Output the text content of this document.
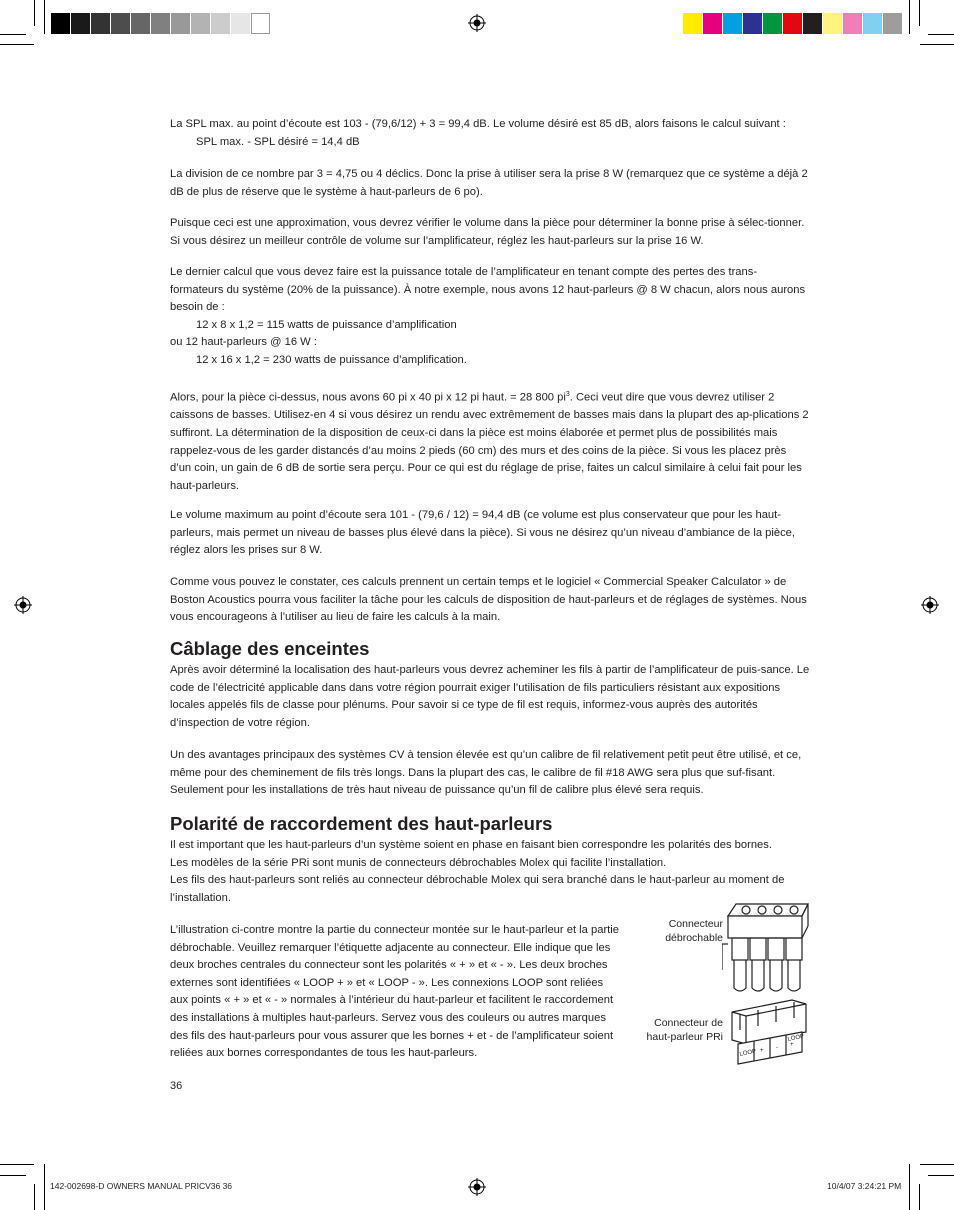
La SPL max. au point d’écoute est 103 - (79,6/12) + 3 = 99,4 dB. Le volume désiré est 85 dB, alors faisons le calcul suivant :
SPL max. - SPL désiré = 14,4 dB

La division de ce nombre par 3 = 4,75 ou 4 déclics. Donc la prise à utiliser sera la prise 8 W (remarquez que ce système a déjà 2 dB de plus de réserve que le système à haut-parleurs de 6 po).

Puisque ceci est une approximation, vous devrez vérifier le volume dans la pièce pour déterminer la bonne prise à sélec-tionner. Si vous désirez un meilleur contrôle de volume sur l’amplificateur, réglez les haut-parleurs sur la prise 16 W.

Le dernier calcul que vous devez faire est la puissance totale de l’amplificateur en tenant compte des pertes des trans-formateurs du système (20% de la puissance). À notre exemple, nous avons 12 haut-parleurs @ 8 W chacun, alors nous aurons besoin de :
12 x 8 x 1,2 = 115 watts de puissance d’amplification
ou 12 haut-parleurs @ 16 W :
12 x 16 x 1,2 = 230 watts de puissance d’amplification.

Alors, pour la pièce ci-dessus, nous avons 60 pi x 40 pi x 12 pi haut. = 28 800 $pi^3$. Ceci veut dire que vous devrez utiliser 2 caissons de basses. Utilisez-en 4 si vous désirez un rendu avec extrêmement de basses mais dans la plupart des ap-plications 2 suffiront. La détermination de la disposition de ceux-ci dans la pièce est moins élaborée et permet plus de possibilités mais rappelez-vous de les garder distancés d’au moins 2 pieds (60 cm) des murs et des coins de la pièce. Si vous les placez près d’un coin, un gain de 6 dB de sortie sera perçu. Pour ce qui est du réglage de prise, faites un calcul similaire à celui fait pour les haut-parleurs.

Le volume maximum au point d’écoute sera 101 - (79,6 / 12) = 94,4 dB (ce volume est plus conservateur que pour les haut-parleurs, mais permet un niveau de basses plus élevé dans la pièce). Si vous ne désirez qu’un niveau d’ambiance de la pièce, réglez alors les prises sur 8 W.

Comme vous pouvez le constater, ces calculs prennent un certain temps et le logiciel « Commercial Speaker Calculator » de Boston Acoustics pourra vous faciliter la tâche pour les calculs de disposition de haut-parleurs et de réglages de systèmes. Nous vous encourageons à l’utiliser au lieu de faire les calculs à la main.

Câblage des enceintes

Après avoir déterminé la localisation des haut-parleurs vous devrez acheminer les fils à partir de l’amplificateur de puis-sance. Le code de l’électricité applicable dans dans votre région pourrait exiger l’utilisation de fils particuliers résistant aux expositions locales appelés fils de classe pour plénums. Pour savoir si ce type de fil est requis, informez-vous auprès des autorités d’inspection de votre région.

Un des avantages principaux des systèmes CV à tension élevée est qu’un calibre de fil relativement petit peut être utilisé, et ce, même pour des cheminement de fils très longs. Dans la plupart des cas, le calibre de fil #18 AWG sera plus que suf-fisant. Seulement pour les installations de très haut niveau de puissance qu’un fil de calibre plus élevé sera requis.

Polarité de raccordement des haut-parleurs

Il est important que les haut-parleurs d’un système soient en phase en faisant bien correspondre les polarités des bornes.
Les modèles de la série PRi sont munis de connecteurs débrochables Molex qui facilite l’installation.
Les fils des haut-parleurs sont reliés au connecteur débrochable Molex qui sera branché dans le haut-parleur au moment de l’installation.

L’illustration ci-contre montre la partie du connecteur montée sur le haut-parleur et la partie débrochable. Veuillez remarquer l’étiquette adjacente au connecteur. Elle indique que les deux broches centrales du connecteur sont les polarités « + » et « - ». Les deux broches externes sont identifiées « LOOP + » et « LOOP - ». Les connexions LOOP sont reliées aux points « + » et « - » normales à l’intérieur du haut-parleur et facilitent le raccordement des installations à multiples haut-parleurs. Servez vous des couleurs ou autres marques des fils des haut-parleurs pour vous assurer que les bornes + et - de l’amplificateur soient reliées aux bornes correspondantes de tous les haut-parleurs.

Connecteur
débrochable
Connecteur de
haut-parleur PRi
LOOP + - +
LOOP
36
142-002698-D OWNERS MANUAL PRICV36 36	10/4/07 3:24:21 PM
